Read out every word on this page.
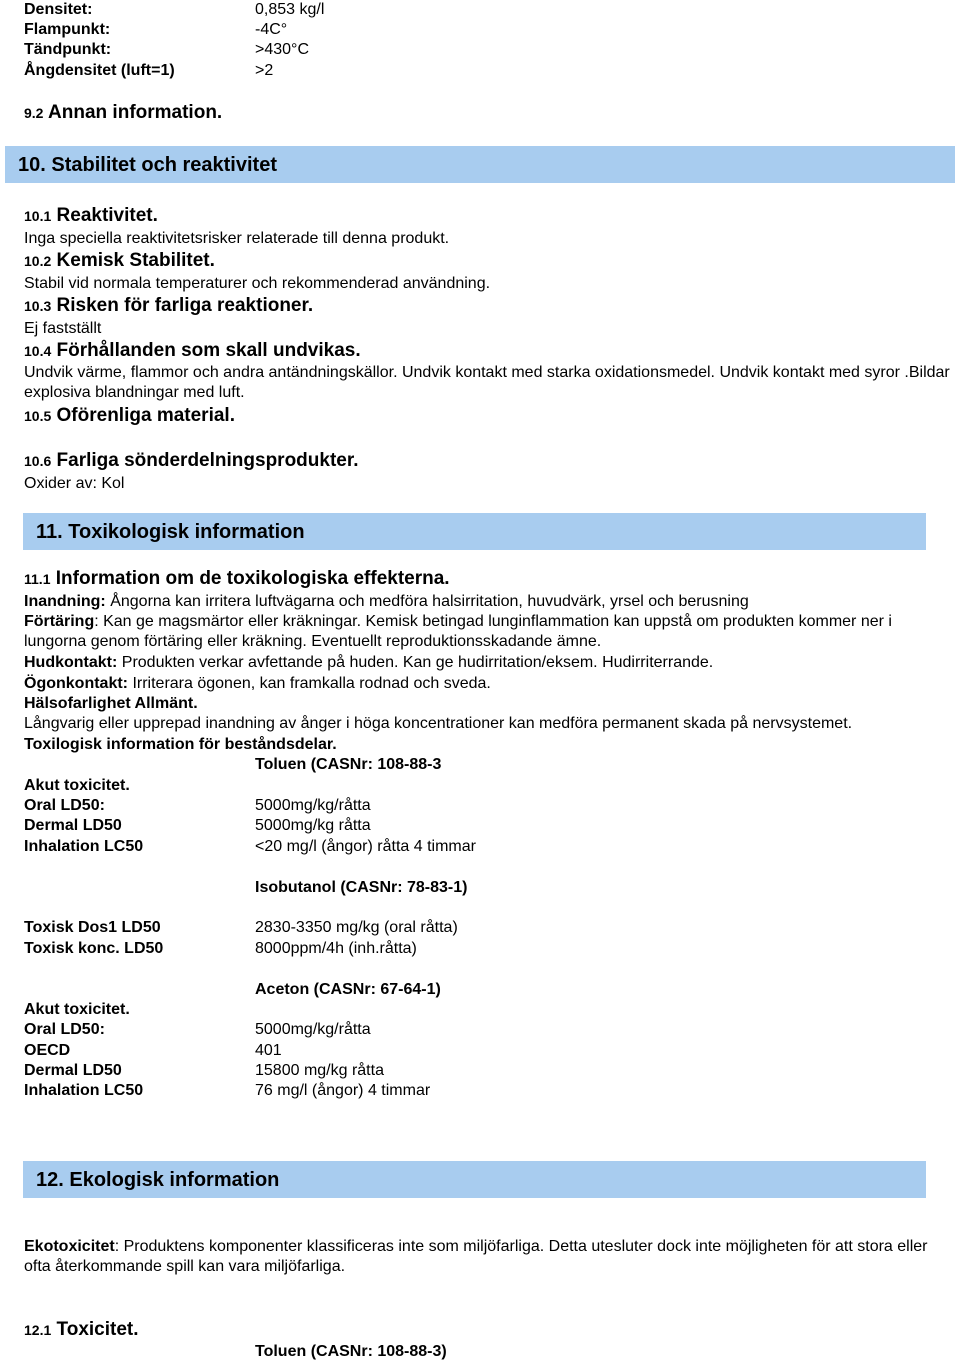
Densitet:	0,853 kg/l
Flampunkt:	-4C°
Tändpunkt:	>430°C
Ångdensitet (luft=1)	>2
9.2 Annan information.
10. Stabilitet och reaktivitet
10.1 Reaktivitet.
Inga speciella reaktivitetsrisker relaterade till denna produkt.
10.2 Kemisk Stabilitet.
Stabil vid normala temperaturer och rekommenderad användning.
10.3 Risken för farliga reaktioner.
Ej fastställt
10.4 Förhållanden som skall undvikas.
Undvik värme, flammor och andra antändningskällor. Undvik kontakt med starka oxidationsmedel. Undvik kontakt med syror .Bildar explosiva blandningar med luft.
10.5 Oförenliga material.
10.6 Farliga sönderdelningsprodukter.
Oxider av: Kol
11. Toxikologisk information
11.1 Information om de toxikologiska effekterna.
Inandning: Ångorna kan irritera luftvägarna och medföra halsirritation, huvudvärk, yrsel och berusning
Förtäring: Kan ge magsmärtor eller kräkningar. Kemisk betingad lunginflammation kan uppstå om produkten kommer ner i lungorna genom förtäring eller kräkning. Eventuellt reproduktionsskadande ämne.
Hudkontakt: Produkten verkar avfettande på huden. Kan ge hudirritation/eksem. Hudirriterrande.
Ögonkontakt: Irriterara ögonen, kan framkalla rodnad och sveda.
Hälsofarlighet Allmänt.
Långvarig eller upprepad inandning av ånger i höga koncentrationer kan medföra permanent skada på nervsystemet.
Toxilogisk information för beståndsdelar.
Toluen (CASNr: 108-88-3
Akut toxicitet.
Oral LD50:	5000mg/kg/råtta
Dermal LD50	5000mg/kg råtta
Inhalation LC50	<20 mg/l (ångor) råtta 4 timmar
Isobutanol (CASNr: 78-83-1)
Toxisk Dos1 LD50	2830-3350 mg/kg (oral råtta)
Toxisk konc. LD50	8000ppm/4h (inh.råtta)
Aceton (CASNr: 67-64-1)
Akut toxicitet.
Oral LD50:	5000mg/kg/råtta
OECD	401
Dermal LD50	15800 mg/kg råtta
Inhalation LC50	76 mg/l (ångor) 4 timmar
12. Ekologisk information
Ekotoxicitet: Produktens komponenter klassificeras inte som miljöfarliga. Detta utesluter dock inte möjligheten för att stora eller ofta återkommande spill kan vara miljöfarliga.
12.1 Toxicitet.
Toluen (CASNr: 108-88-3)
